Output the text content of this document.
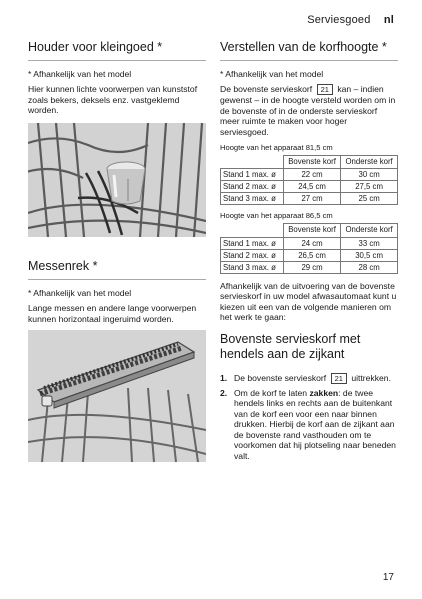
Serviesgoed nl
Houder voor kleingoed *

* Afhankelijk van het model

Hier kunnen lichte voorwerpen van kunststof zoals bekers, deksels enz. vastgeklemd worden.

Messenrek *

* Afhankelijk van het model

Lange messen en andere lange voorwerpen kunnen horizontaal ingeruimd worden.

Verstellen van de korfhoogte *

* Afhankelijk van het model

De bovenste servieskorf 21 kan – indien gewenst – in de hoogte versteld worden om in de bovenste of in de onderste servieskorf meer ruimte te maken voor hoger serviesgoed.

Hoogte van het apparaat 81,5 cm

	Bovenste korf	Onderste korf
Stand 1 max. ø	22 cm	30 cm
Stand 2 max. ø	24,5 cm	27,5 cm
Stand 3 max. ø	27 cm	25 cm

Hoogte van het apparaat 86,5 cm

	Bovenste korf	Onderste korf
Stand 1 max. ø	24 cm	33 cm
Stand 2 max. ø	26,5 cm	30,5 cm
Stand 3 max. ø	29 cm	28 cm

Afhankelijk van de uitvoering van de bovenste servieskorf in uw model afwasautomaat kunt u kiezen uit een van de volgende manieren om het werk te gaan:

Bovenste servieskorf met hendels aan de zijkant
1. De bovenste servieskorf 21 uittrekken.
2. Om de korf te laten zakken: de twee hendels links en rechts aan de buitenkant van de korf een voor een naar binnen drukken. Hierbij de korf aan de zijkant aan de bovenste rand vasthouden om te voorkomen dat hij plotseling naar beneden valt.
17
